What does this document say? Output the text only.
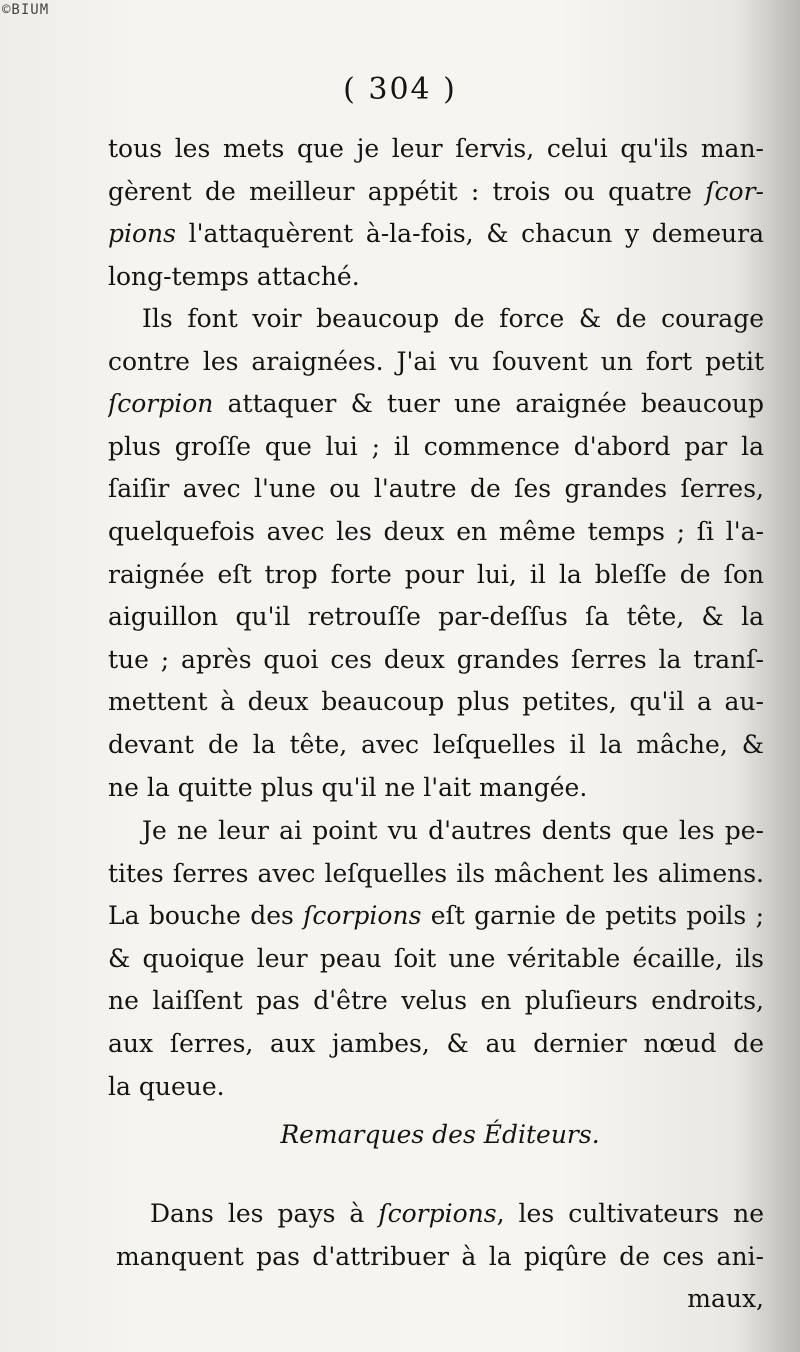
©BIUM
( 304 )
tous les mets que je leur ſervis, celui qu'ils man-
gèrent de meilleur appétit : trois ou quatre ſcor-
pions l'attaquèrent à-la-fois, & chacun y demeura
long-temps attaché.
Ils font voir beaucoup de force & de courage
contre les araignées. J'ai vu ſouvent un fort petit
ſcorpion attaquer & tuer une araignée beaucoup
plus groſſe que lui ; il commence d'abord par la
ſaiſir avec l'une ou l'autre de ſes grandes ſerres,
quelquefois avec les deux en même temps ; ſi l'a-
raignée eſt trop forte pour lui, il la bleſſe de ſon
aiguillon qu'il retrouſſe par-deſſus ſa tête, & la
tue ; après quoi ces deux grandes ſerres la tranſ-
mettent à deux beaucoup plus petites, qu'il a au-
devant de la tête, avec leſquelles il la mâche, &
ne la quitte plus qu'il ne l'ait mangée.
Je ne leur ai point vu d'autres dents que les pe-
tites ſerres avec leſquelles ils mâchent les alimens.
La bouche des ſcorpions eſt garnie de petits poils ;
& quoique leur peau ſoit une véritable écaille, ils
ne laiſſent pas d'être velus en pluſieurs endroits,
aux ſerres, aux jambes, & au dernier nœud de
la queue.
Remarques des Éditeurs.
Dans les pays à ſcorpions, les cultivateurs ne
manquent pas d'attribuer à la piqûre de ces ani-
maux,
